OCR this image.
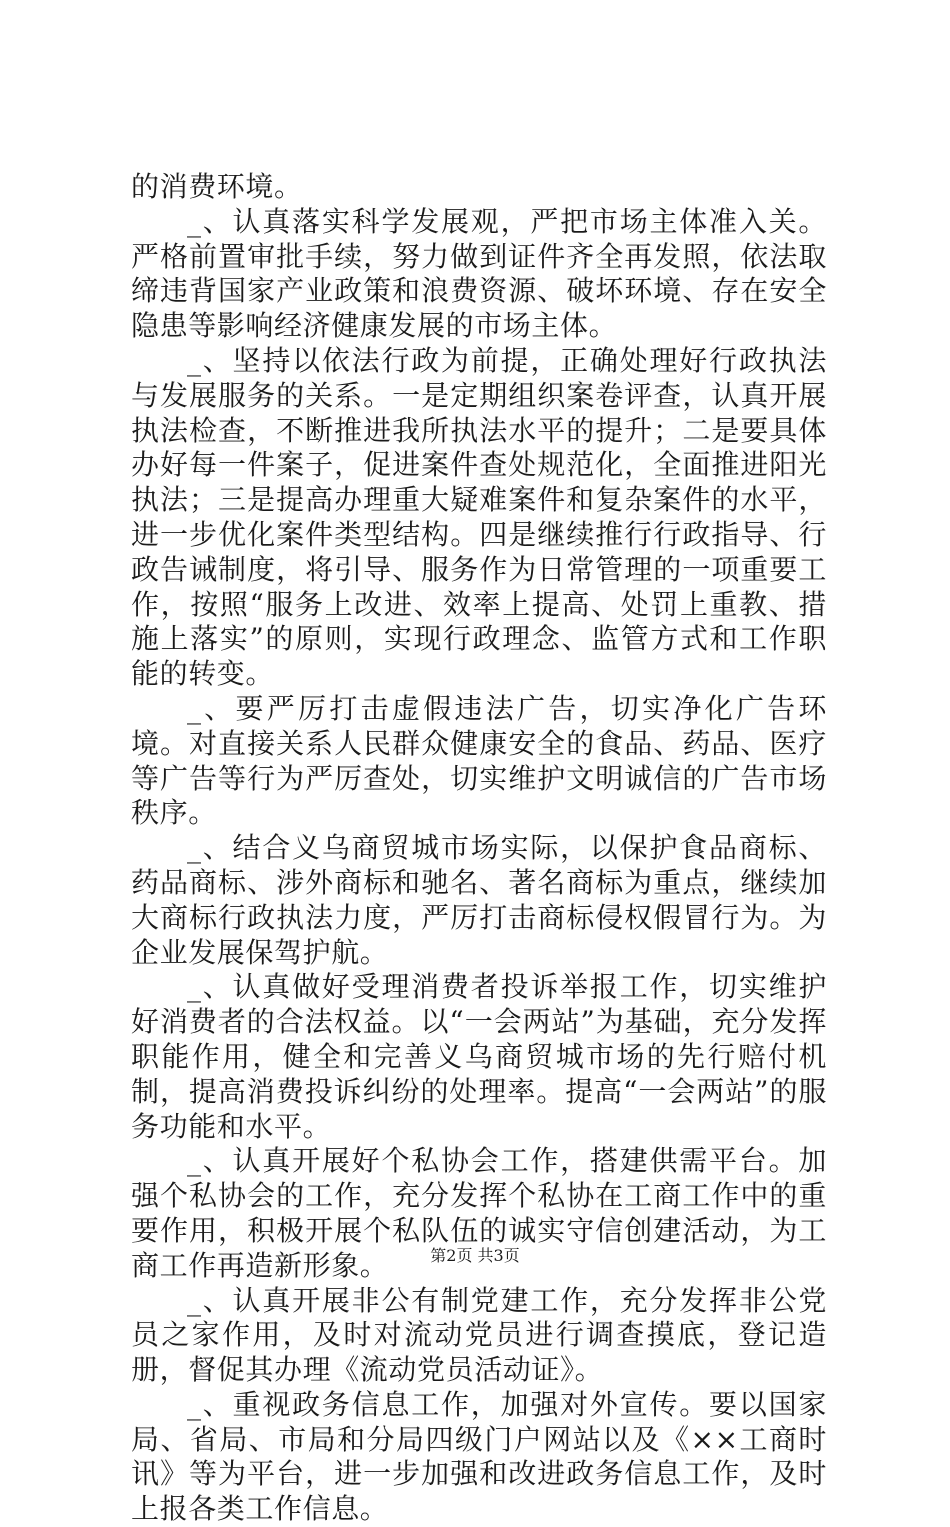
的消费环境。

_、认真落实科学发展观，严把市场主体准入关。严格前置审批手续，努力做到证件齐全再发照，依法取缔违背国家产业政策和浪费资源、破坏环境、存在安全隐患等影响经济健康发展的市场主体。

_、坚持以依法行政为前提，正确处理好行政执法与发展服务的关系。一是定期组织案卷评查，认真开展执法检查，不断推进我所执法水平的提升；二是要具体办好每一件案子，促进案件查处规范化，全面推进阳光执法；三是提高办理重大疑难案件和复杂案件的水平，进一步优化案件类型结构。四是继续推行行政指导、行政告诫制度，将引导、服务作为日常管理的一项重要工作，按照“服务上改进、效率上提高、处罚上重教、措施上落实”的原则，实现行政理念、监管方式和工作职能的转变。

_、要严厉打击虚假违法广告，切实净化广告环境。对直接关系人民群众健康安全的食品、药品、医疗等广告等行为严厉查处，切实维护文明诚信的广告市场秩序。

_、结合义乌商贸城市场实际，以保护食品商标、药品商标、涉外商标和驰名、著名商标为重点，继续加大商标行政执法力度，严厉打击商标侵权假冒行为。为企业发展保驾护航。

_、认真做好受理消费者投诉举报工作，切实维护好消费者的合法权益。以“一会两站”为基础，充分发挥职能作用，健全和完善义乌商贸城市场的先行赔付机制，提高消费投诉纠纷的处理率。提高“一会两站”的服务功能和水平。

_、认真开展好个私协会工作，搭建供需平台。加强个私协会的工作，充分发挥个私协在工商工作中的重要作用，积极开展个私队伍的诚实守信创建活动，为工商工作再造新形象。

_、认真开展非公有制党建工作，充分发挥非公党员之家作用，及时对流动党员进行调查摸底，登记造册，督促其办理《流动党员活动证》。

_、重视政务信息工作，加强对外宣传。要以国家局、省局、市局和分局四级门户网站以及《××工商时讯》等为平台，进一步加强和改进政务信息工作，及时上报各类工作信息。

第2页 共3页
